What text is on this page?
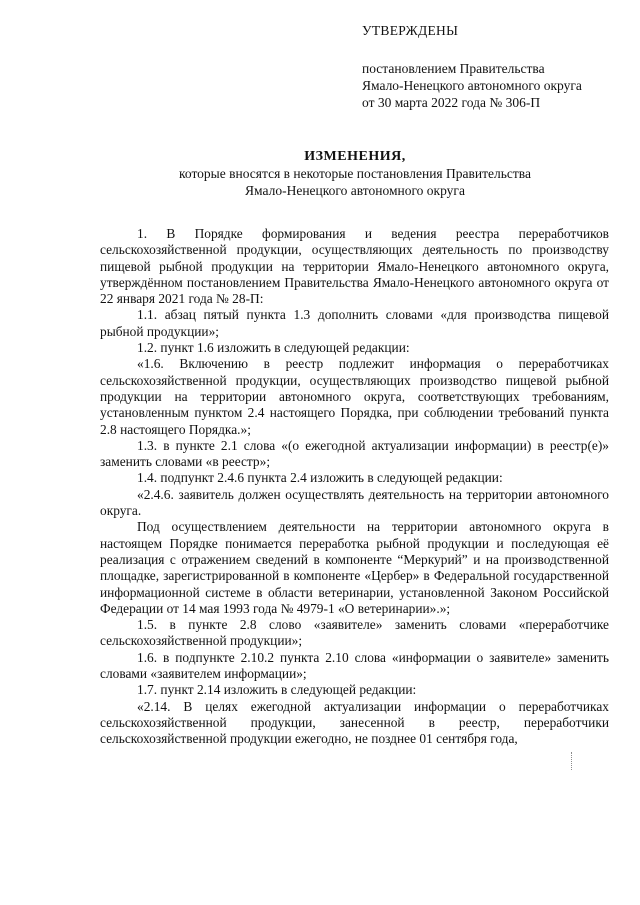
УТВЕРЖДЕНЫ
постановлением Правительства
Ямало-Ненецкого автономного округа
от 30 марта 2022 года № 306-П
ИЗМЕНЕНИЯ,
которые вносятся в некоторые постановления Правительства
Ямало-Ненецкого автономного округа

1. В Порядке формирования и ведения реестра переработчиков сельскохозяйственной продукции, осуществляющих деятельность по производству пищевой рыбной продукции на территории Ямало-Ненецкого автономного округа, утверждённом постановлением Правительства Ямало-Ненецкого автономного округа от 22 января 2021 года № 28-П:

1.1. абзац пятый пункта 1.3 дополнить словами «для производства пищевой рыбной продукции»;

1.2. пункт 1.6 изложить в следующей редакции:

«1.6. Включению в реестр подлежит информация о переработчиках сельскохозяйственной продукции, осуществляющих производство пищевой рыбной продукции на территории автономного округа, соответствующих требованиям, установленным пунктом 2.4 настоящего Порядка, при соблюдении требований пункта 2.8 настоящего Порядка.»;

1.3. в пункте 2.1 слова «(о ежегодной актуализации информации) в реестр(е)» заменить словами «в реестр»;

1.4. подпункт 2.4.6 пункта 2.4 изложить в следующей редакции:

«2.4.6. заявитель должен осуществлять деятельность на территории автономного округа.

Под осуществлением деятельности на территории автономного округа в настоящем Порядке понимается переработка рыбной продукции и последующая её реализация с отражением сведений в компоненте “Меркурий” и на производственной площадке, зарегистрированной в компоненте «Цербер» в Федеральной государственной информационной системе в области ветеринарии, установленной Законом Российской Федерации от 14 мая 1993 года № 4979-1 «О ветеринарии».»;

1.5. в пункте 2.8 слово «заявителе» заменить словами «переработчике сельскохозяйственной продукции»;

1.6. в подпункте 2.10.2 пункта 2.10 слова «информации о заявителе» заменить словами «заявителем информации»;

1.7. пункт 2.14 изложить в следующей редакции:

«2.14. В целях ежегодной актуализации информации о переработчиках сельскохозяйственной продукции, занесенной в реестр, переработчики сельскохозяйственной продукции ежегодно, не позднее 01 сентября года,
